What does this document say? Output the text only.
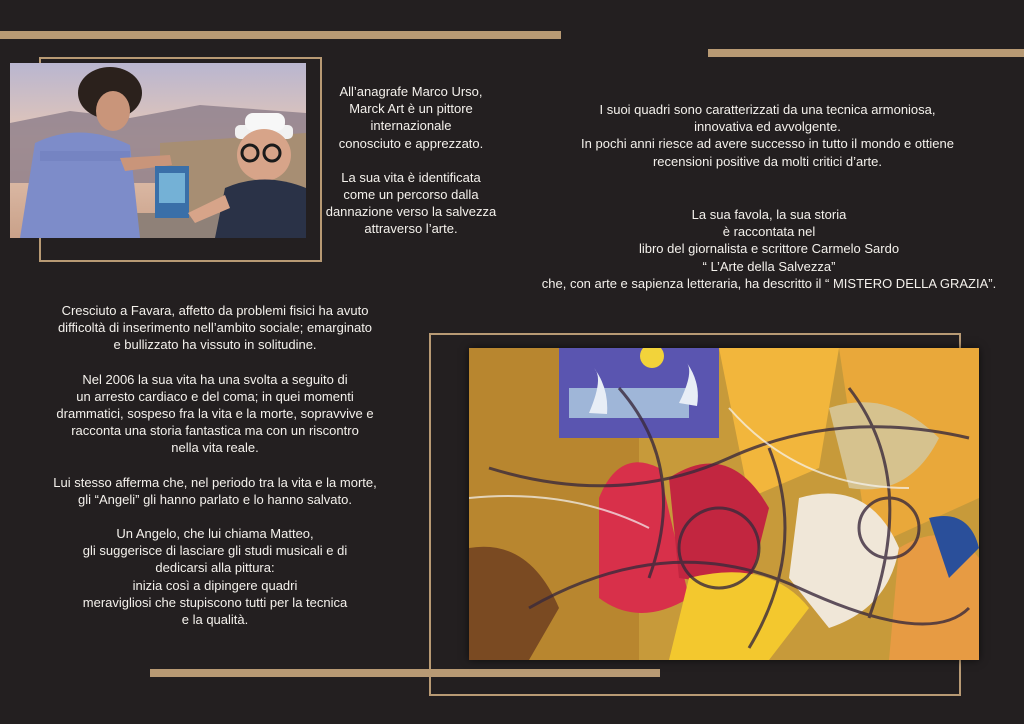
All’anagrafe Marco Urso,

Marck Art è un pittore

internazionale

conosciuto e apprezzato.

La sua vita è identificata

come un percorso dalla

dannazione verso la salvezza

attraverso l’arte.

I suoi quadri sono caratterizzati da una tecnica armoniosa,

innovativa ed avvolgente.

In pochi anni riesce ad avere successo in tutto il mondo e ottiene

recensioni positive da molti critici d’arte.

La sua favola, la sua storia

è raccontata nel

libro del giornalista e scrittore Carmelo Sardo

“ L’Arte della Salvezza”

che, con arte e sapienza letteraria, ha descritto il “ MISTERO DELLA GRAZIA”.

Cresciuto a Favara, affetto da problemi fisici ha avuto

difficoltà di inserimento nell’ambito sociale; emarginato

e bullizzato ha vissuto in solitudine.

Nel 2006 la sua vita ha una svolta a seguito di

un arresto cardiaco e del coma; in quei momenti

drammatici, sospeso fra la vita e la morte, sopravvive e

racconta una storia fantastica ma con un riscontro

nella vita reale.

Lui stesso afferma che, nel periodo tra la vita e la morte,

gli “Angeli” gli hanno parlato e lo hanno salvato.

Un Angelo, che lui chiama Matteo,

gli suggerisce di lasciare gli studi musicali e di

dedicarsi alla pittura:

inizia così a dipingere quadri

meravigliosi che stupiscono tutti per la tecnica

e la qualità.
